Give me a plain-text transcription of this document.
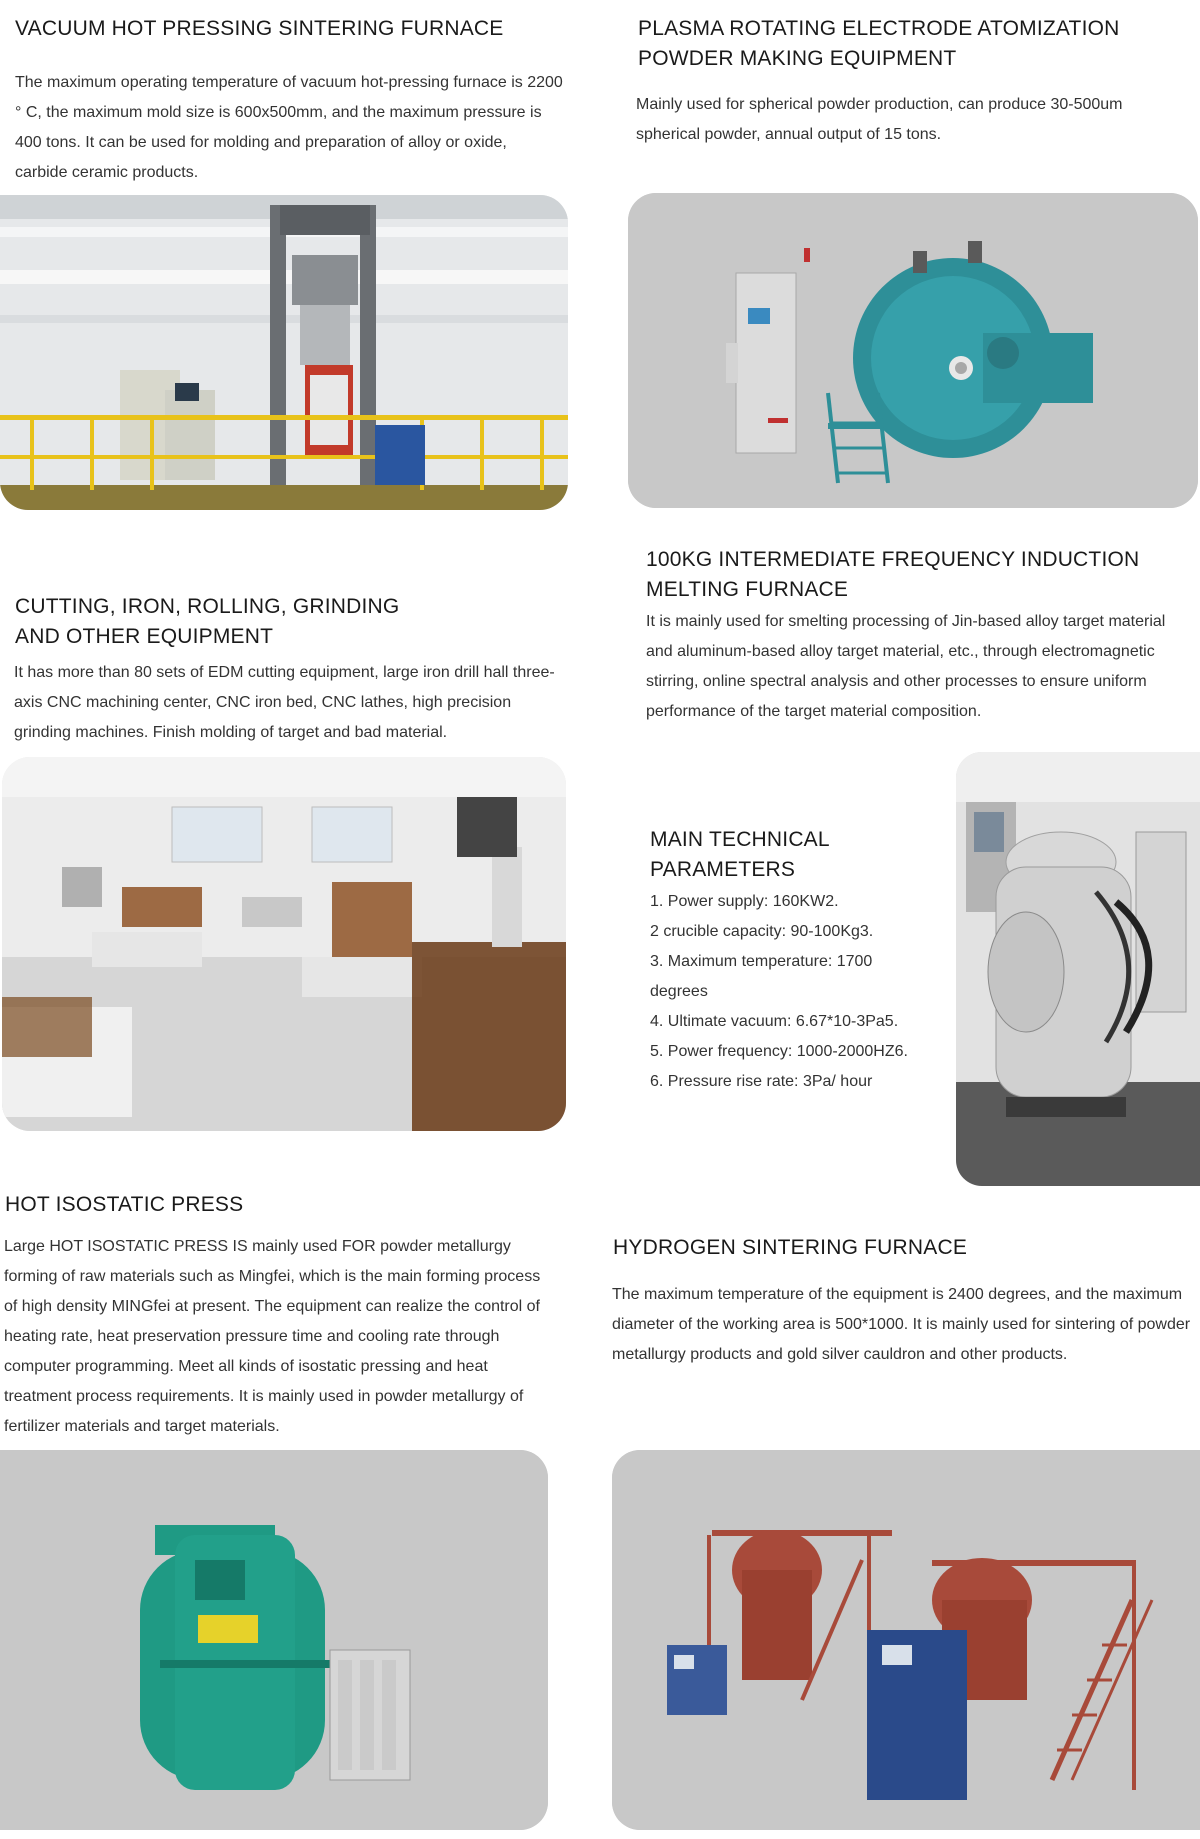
VACUUM HOT PRESSING SINTERING FURNACE
The maximum operating temperature of vacuum hot-pressing furnace is 2200 ° C, the maximum mold size is 600x500mm, and the maximum pressure is 400 tons. It can be used for molding and preparation of alloy or oxide, carbide ceramic products.
PLASMA ROTATING ELECTRODE ATOMIZATION POWDER MAKING EQUIPMENT
Mainly used for spherical powder production, can produce 30-500um spherical powder, annual output of 15 tons.
CUTTING, IRON, ROLLING, GRINDING AND OTHER EQUIPMENT
It has more than 80 sets of EDM cutting equipment, large iron drill hall three-axis CNC machining center, CNC iron bed, CNC lathes, high precision grinding machines. Finish molding of target and bad material.
100KG INTERMEDIATE FREQUENCY INDUCTION MELTING FURNACE
It is mainly used for smelting processing of Jin-based alloy target material and aluminum-based alloy target material, etc., through electromagnetic stirring, online spectral analysis and other processes to ensure uniform performance of the target material composition.
MAIN TECHNICAL PARAMETERS
1. Power supply: 160KW2.
2 crucible capacity: 90-100Kg3.
3. Maximum temperature: 1700 degrees
4. Ultimate vacuum: 6.67*10-3Pa5.
5. Power frequency: 1000-2000HZ6.
6. Pressure rise rate: 3Pa/ hour
HOT ISOSTATIC PRESS
Large HOT ISOSTATIC PRESS IS mainly used FOR powder metallurgy forming of raw materials such as Mingfei, which is the main forming process of high density MINGfei at present. The equipment can realize the control of heating rate, heat preservation pressure time and cooling rate through computer programming. Meet all kinds of isostatic pressing and heat treatment process requirements. It is mainly used in powder metallurgy of fertilizer materials and target materials.
HYDROGEN SINTERING FURNACE
The maximum temperature of the equipment is 2400 degrees, and the maximum diameter of the working area is 500*1000. It is mainly used for sintering of powder metallurgy products and gold silver cauldron and other products.
